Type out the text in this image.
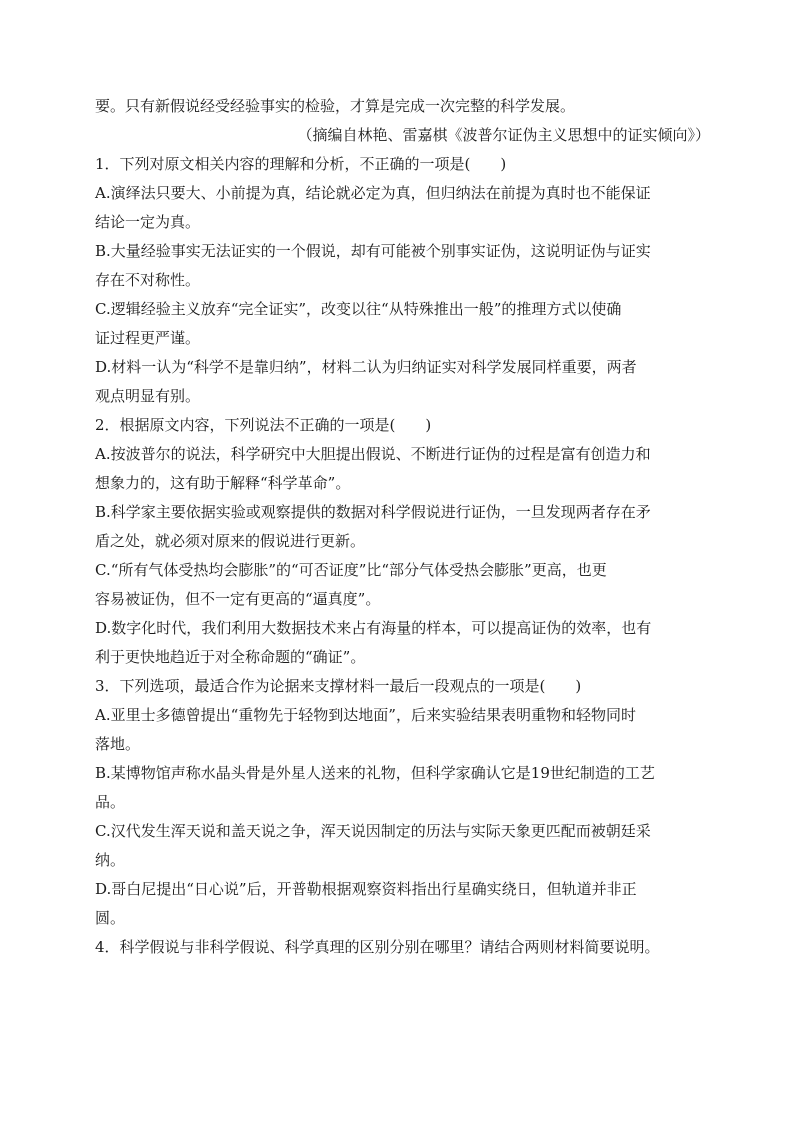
要。只有新假说经受经验事实的检验，才算是完成一次完整的科学发展。
（摘编自林艳、雷嘉棋《波普尔证伪主义思想中的证实倾向》）
1．下列对原文相关内容的理解和分析，不正确的一项是(　　)
A.演绎法只要大、小前提为真，结论就必定为真，但归纳法在前提为真时也不能保证
结论一定为真。
B.大量经验事实无法证实的一个假说，却有可能被个别事实证伪，这说明证伪与证实
存在不对称性。
C.逻辑经验主义放弃“完全证实”，改变以往“从特殊推出一般”的推理方式以使确
证过程更严谨。
D.材料一认为“科学不是靠归纳”，材料二认为归纳证实对科学发展同样重要，两者
观点明显有别。
2．根据原文内容，下列说法不正确的一项是(　　)
A.按波普尔的说法，科学研究中大胆提出假说、不断进行证伪的过程是富有创造力和
想象力的，这有助于解释“科学革命”。
B.科学家主要依据实验或观察提供的数据对科学假说进行证伪，一旦发现两者存在矛
盾之处，就必须对原来的假说进行更新。
C.“所有气体受热均会膨胀”的“可否证度”比“部分气体受热会膨胀”更高，也更
容易被证伪，但不一定有更高的“逼真度”。
D.数字化时代，我们利用大数据技术来占有海量的样本，可以提高证伪的效率，也有
利于更快地趋近于对全称命题的“确证”。
3．下列选项，最适合作为论据来支撑材料一最后一段观点的一项是(　　)
A.亚里士多德曾提出“重物先于轻物到达地面”，后来实验结果表明重物和轻物同时
落地。
B.某博物馆声称水晶头骨是外星人送来的礼物，但科学家确认它是19世纪制造的工艺
品。
C.汉代发生浑天说和盖天说之争，浑天说因制定的历法与实际天象更匹配而被朝廷采
纳。
D.哥白尼提出“日心说”后，开普勒根据观察资料指出行星确实绕日，但轨道并非正
圆。
4．科学假说与非科学假说、科学真理的区别分别在哪里？请结合两则材料简要说明。
